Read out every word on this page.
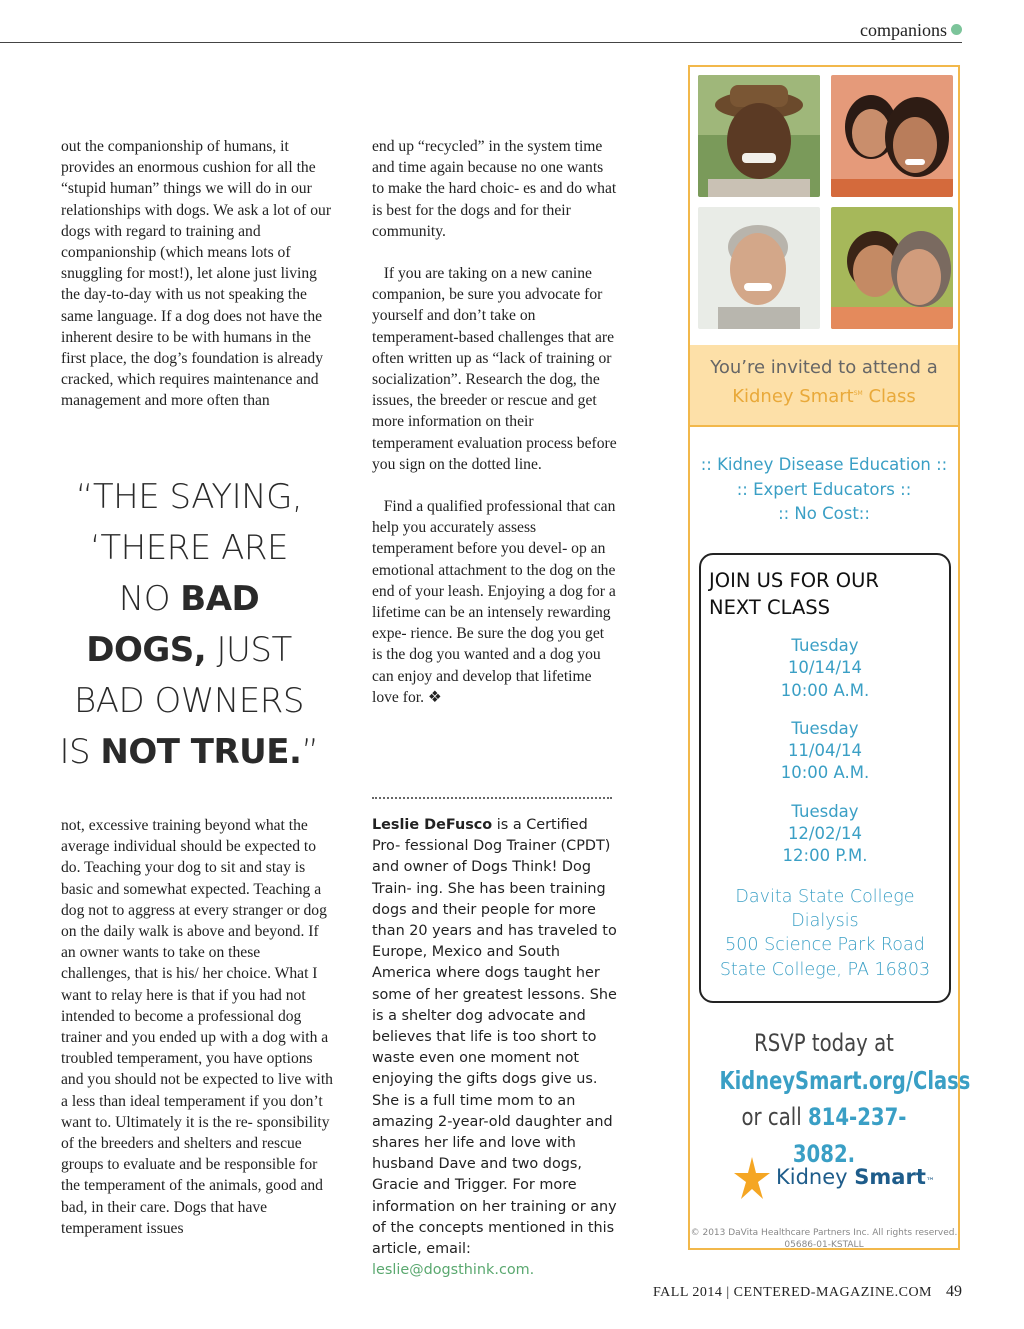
companions

out the companionship of humans, it provides an enormous cushion for all the “stupid human” things we will do in our relationships with dogs. We ask a lot of our dogs with regard to training and companionship (which means lots of snuggling for most!), let alone just living the day-to-day with us not speaking the same language. If a dog does not have the inherent desire to be with humans in the first place, the dog’s foundation is already cracked, which requires maintenance and management and more often than

“THE SAYING,
‘THERE ARE
NO BAD
DOGS, JUST
BAD OWNERS
IS NOT TRUE.”

not, excessive training beyond what the average individual should be expected to do. Teaching your dog to sit and stay is basic and somewhat expected. Teaching a dog not to aggress at every stranger or dog on the daily walk is above and beyond. If an owner wants to take on these challenges, that is his/ her choice. What I want to relay here is that if you had not intended to become a professional dog trainer and you ended up with a dog with a troubled temperament, you have options and you should not be expected to live with a less than ideal temperament if you don’t want to. Ultimately it is the re- sponsibility of the breeders and shelters and rescue groups to evaluate and be responsible for the temperament of the animals, good and bad, in their care. Dogs that have temperament issues

end up “recycled” in the system time and time again because no one wants to make the hard choic- es and do what is best for the dogs and for their community.

If you are taking on a new canine companion, be sure you advocate for yourself and don’t take on temperament-based challenges that are often written up as “lack of training or socialization”. Research the dog, the issues, the breeder or rescue and get more information on their temperament evaluation process before you sign on the dotted line.

Find a qualified professional that can help you accurately assess temperament before you devel- op an emotional attachment to the dog on the end of your leash. Enjoying a dog for a lifetime can be an intensely rewarding expe- rience. Be sure the dog you get is the dog you wanted and a dog you can enjoy and develop that lifetime love for. ❖

Leslie DeFusco is a Certified Pro- fessional Dog Trainer (CPDT) and owner of Dogs Think! Dog Train- ing. She has been training dogs and their people for more than 20 years and has traveled to Europe, Mexico and South America where dogs taught her some of her greatest lessons. She is a shelter dog advocate and believes that life is too short to waste even one moment not enjoying the gifts dogs give us. She is a full time mom to an amazing 2-year-old daughter and shares her life and love with husband Dave and two dogs, Gracie and Trigger. For more information on her training or any of the concepts mentioned in this article, email: leslie@dogsthink.com.
You’re invited to attend a
Kidney Smart℠ Class
:: Kidney Disease Education ::
:: Expert Educators ::
:: No Cost::
JOIN US FOR OUR
NEXT CLASS
Tuesday
10/14/14
10:00 A.M.
Tuesday
11/04/14
10:00 A.M.
Tuesday
12/02/14
12:00 P.M.
Davita State College
Dialysis
500 Science Park Road
State College, PA 16803
RSVP today at
KidneySmart.org/Class
or call 814-237-3082.
Kidney Smart™
© 2013 DaVita Healthcare Partners Inc. All rights reserved.
05686-01-KSTALL
FALL 2014 | CENTERED-MAGAZINE.COM 49
